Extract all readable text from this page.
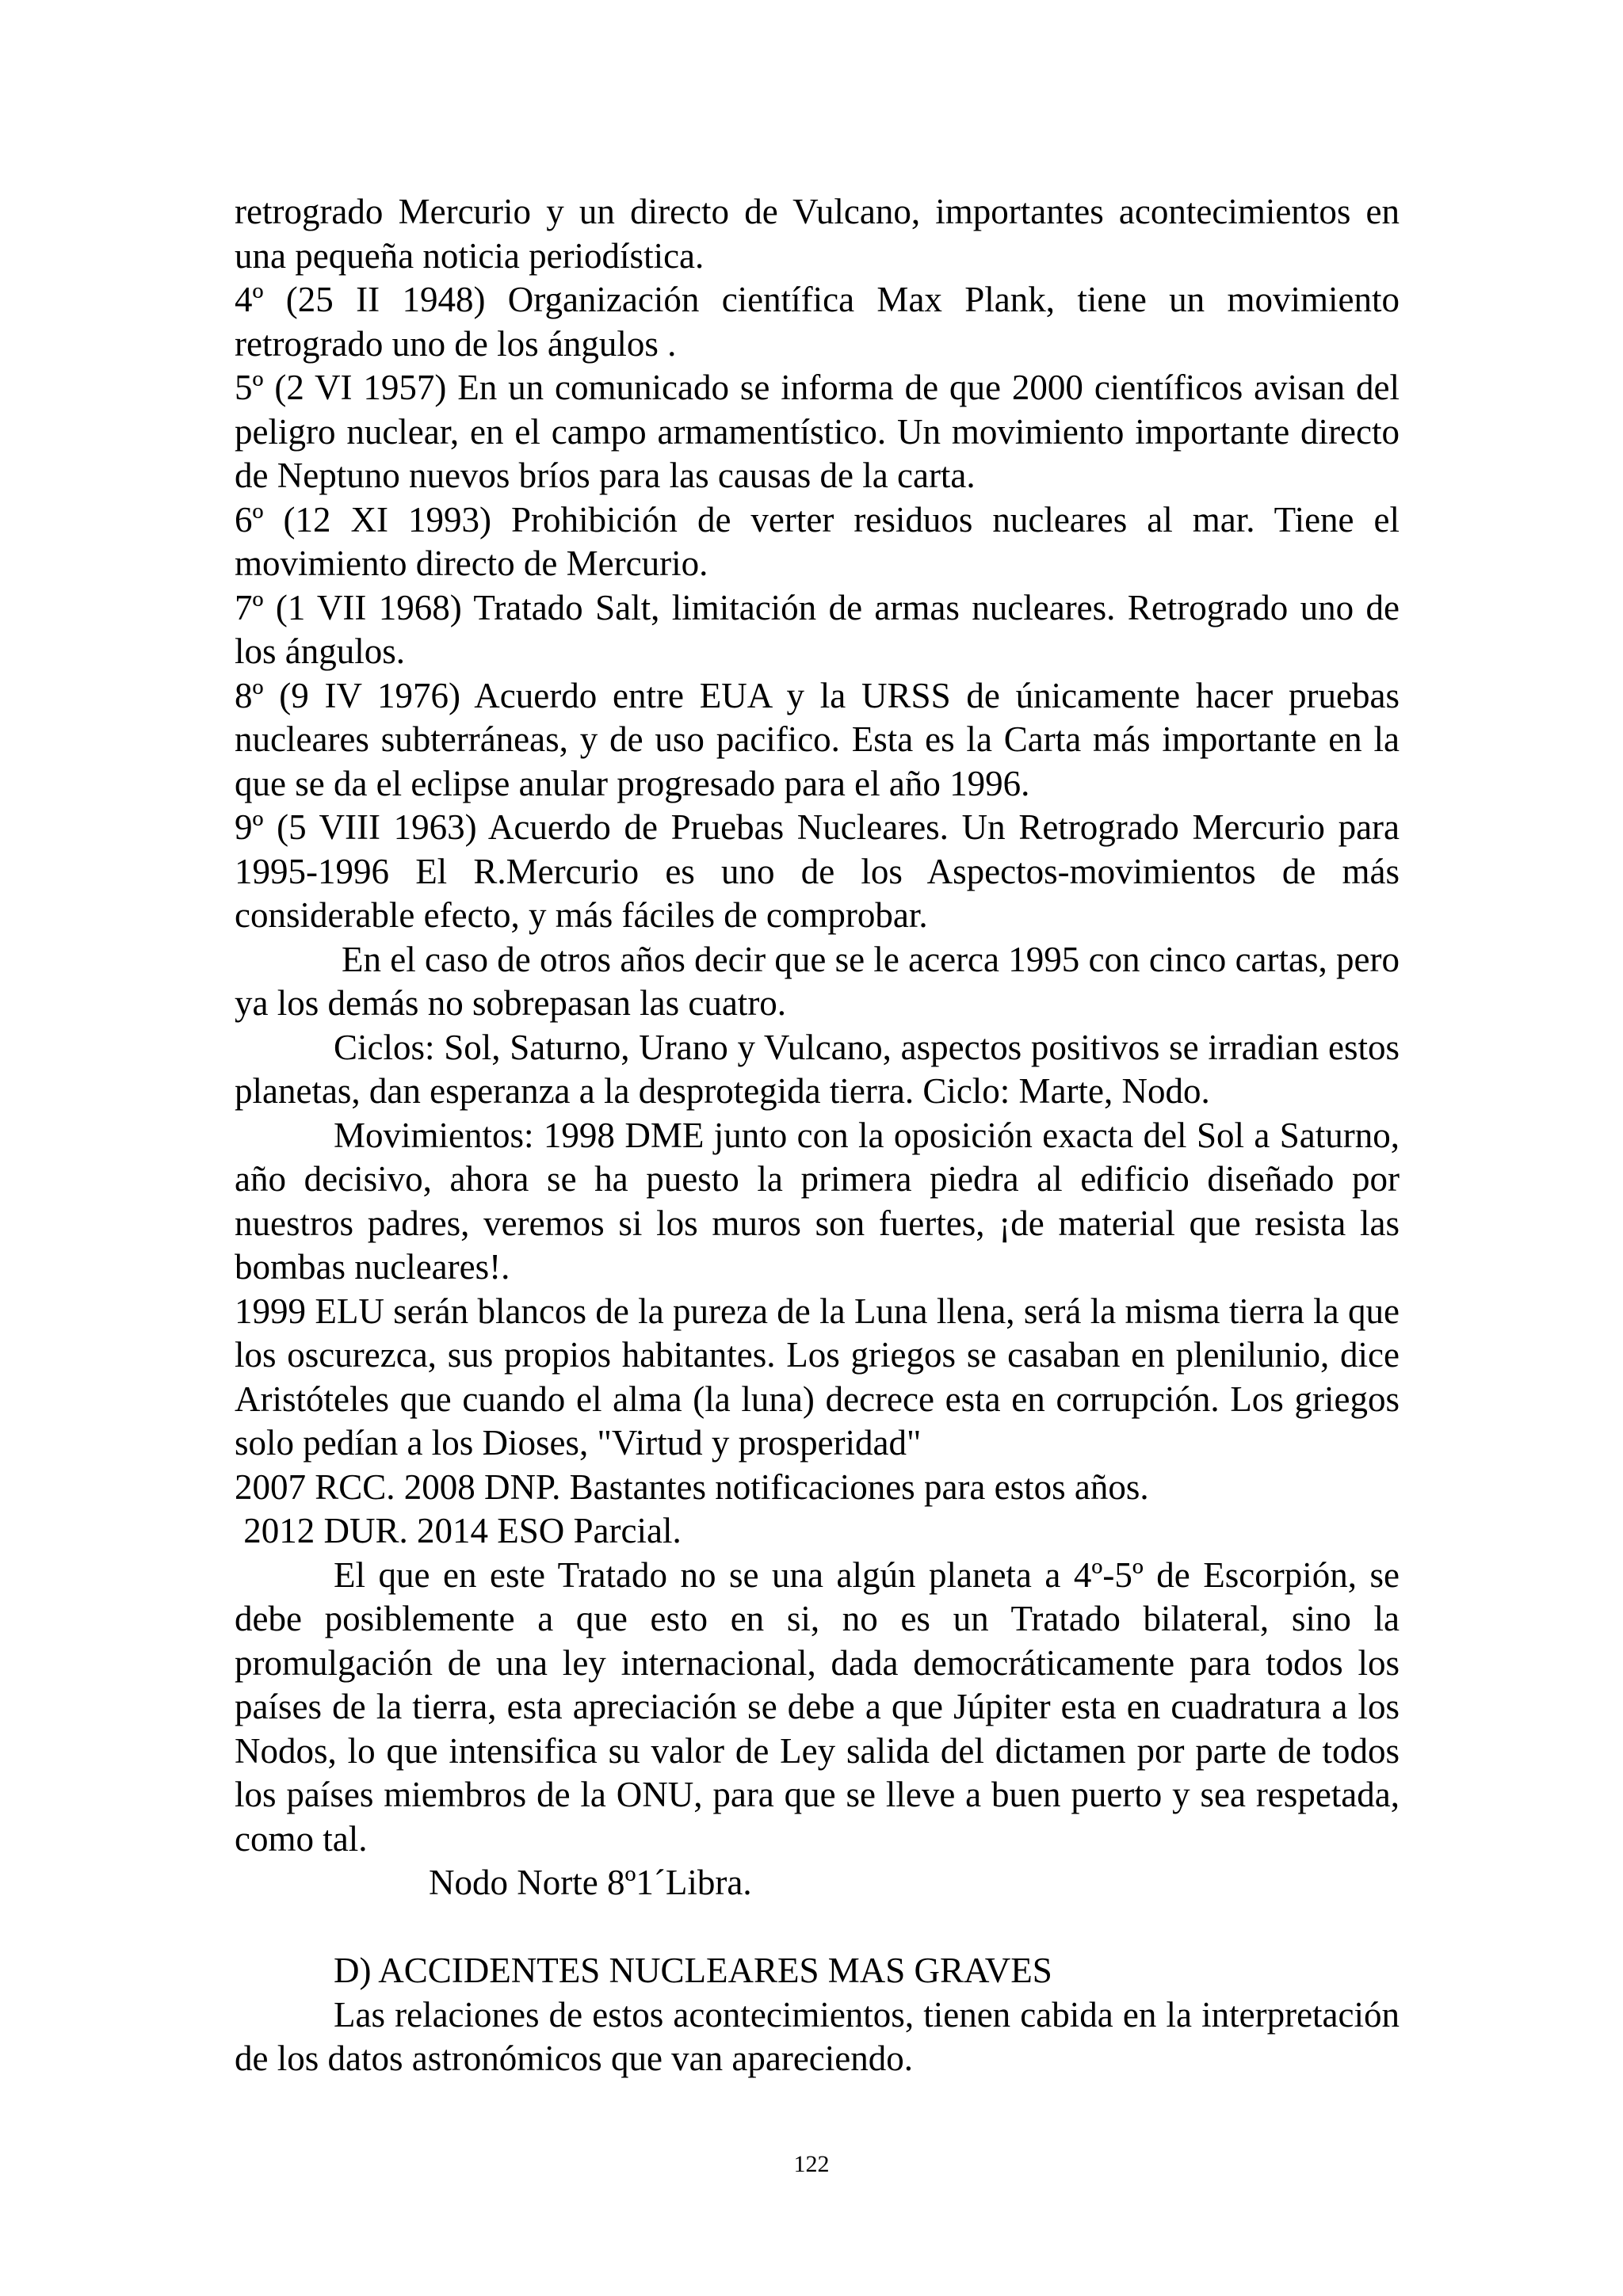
retrogrado Mercurio y un directo de Vulcano, importantes acontecimientos en una pequeña noticia periodística.

4º (25 II 1948) Organización científica Max Plank, tiene un movimiento retrogrado uno de los ángulos .

5º (2 VI 1957) En un comunicado se informa de que 2000 científicos avisan del peligro nuclear, en el campo armamentístico. Un movimiento importante directo de Neptuno nuevos bríos para las causas de la carta.

6º (12 XI 1993) Prohibición de verter residuos nucleares al mar. Tiene el movimiento directo de Mercurio.

7º (1 VII 1968) Tratado Salt, limitación de armas nucleares. Retrogrado uno de los ángulos.

8º (9 IV 1976) Acuerdo entre EUA y la URSS de únicamente hacer pruebas nucleares subterráneas, y de uso pacifico. Esta es la Carta más importante en la que se da el eclipse anular progresado para el año 1996.

9º (5 VIII 1963) Acuerdo de Pruebas Nucleares. Un Retrogrado Mercurio para 1995-1996 El R.Mercurio es uno de los Aspectos-movimientos de más considerable efecto, y más fáciles de comprobar.

En el caso de otros años decir que se le acerca 1995 con cinco cartas, pero ya los demás no sobrepasan las cuatro.

Ciclos: Sol, Saturno, Urano y Vulcano, aspectos positivos se irradian estos planetas, dan esperanza a la desprotegida tierra. Ciclo: Marte, Nodo.

Movimientos: 1998 DME junto con la oposición exacta del Sol a Saturno, año decisivo, ahora se ha puesto la primera piedra al edificio diseñado por nuestros padres, veremos si los muros son fuertes, ¡de material que resista las bombas nucleares!.

1999 ELU serán blancos de la pureza de la Luna llena, será la misma tierra la que los oscurezca, sus propios habitantes. Los griegos se casaban en plenilunio, dice Aristóteles que cuando el alma (la luna) decrece esta en corrupción. Los griegos solo pedían a los Dioses, "Virtud y prosperidad"

2007 RCC. 2008 DNP. Bastantes notificaciones para estos años.

2012 DUR. 2014 ESO Parcial.

El que en este Tratado no se una algún planeta a 4º-5º de Escorpión, se debe posiblemente a que esto en si, no es un Tratado bilateral, sino la promulgación de una ley internacional, dada democráticamente para todos los países de la tierra, esta apreciación se debe a que Júpiter esta en cuadratura a los Nodos, lo que intensifica su valor de Ley salida del dictamen por parte de todos los países miembros de la ONU, para que se lleve a buen puerto y sea respetada, como tal.

Nodo Norte 8º1´Libra.

D) ACCIDENTES NUCLEARES MAS GRAVES

Las relaciones de estos acontecimientos, tienen cabida en la interpretación de los datos astronómicos que van apareciendo.

122
